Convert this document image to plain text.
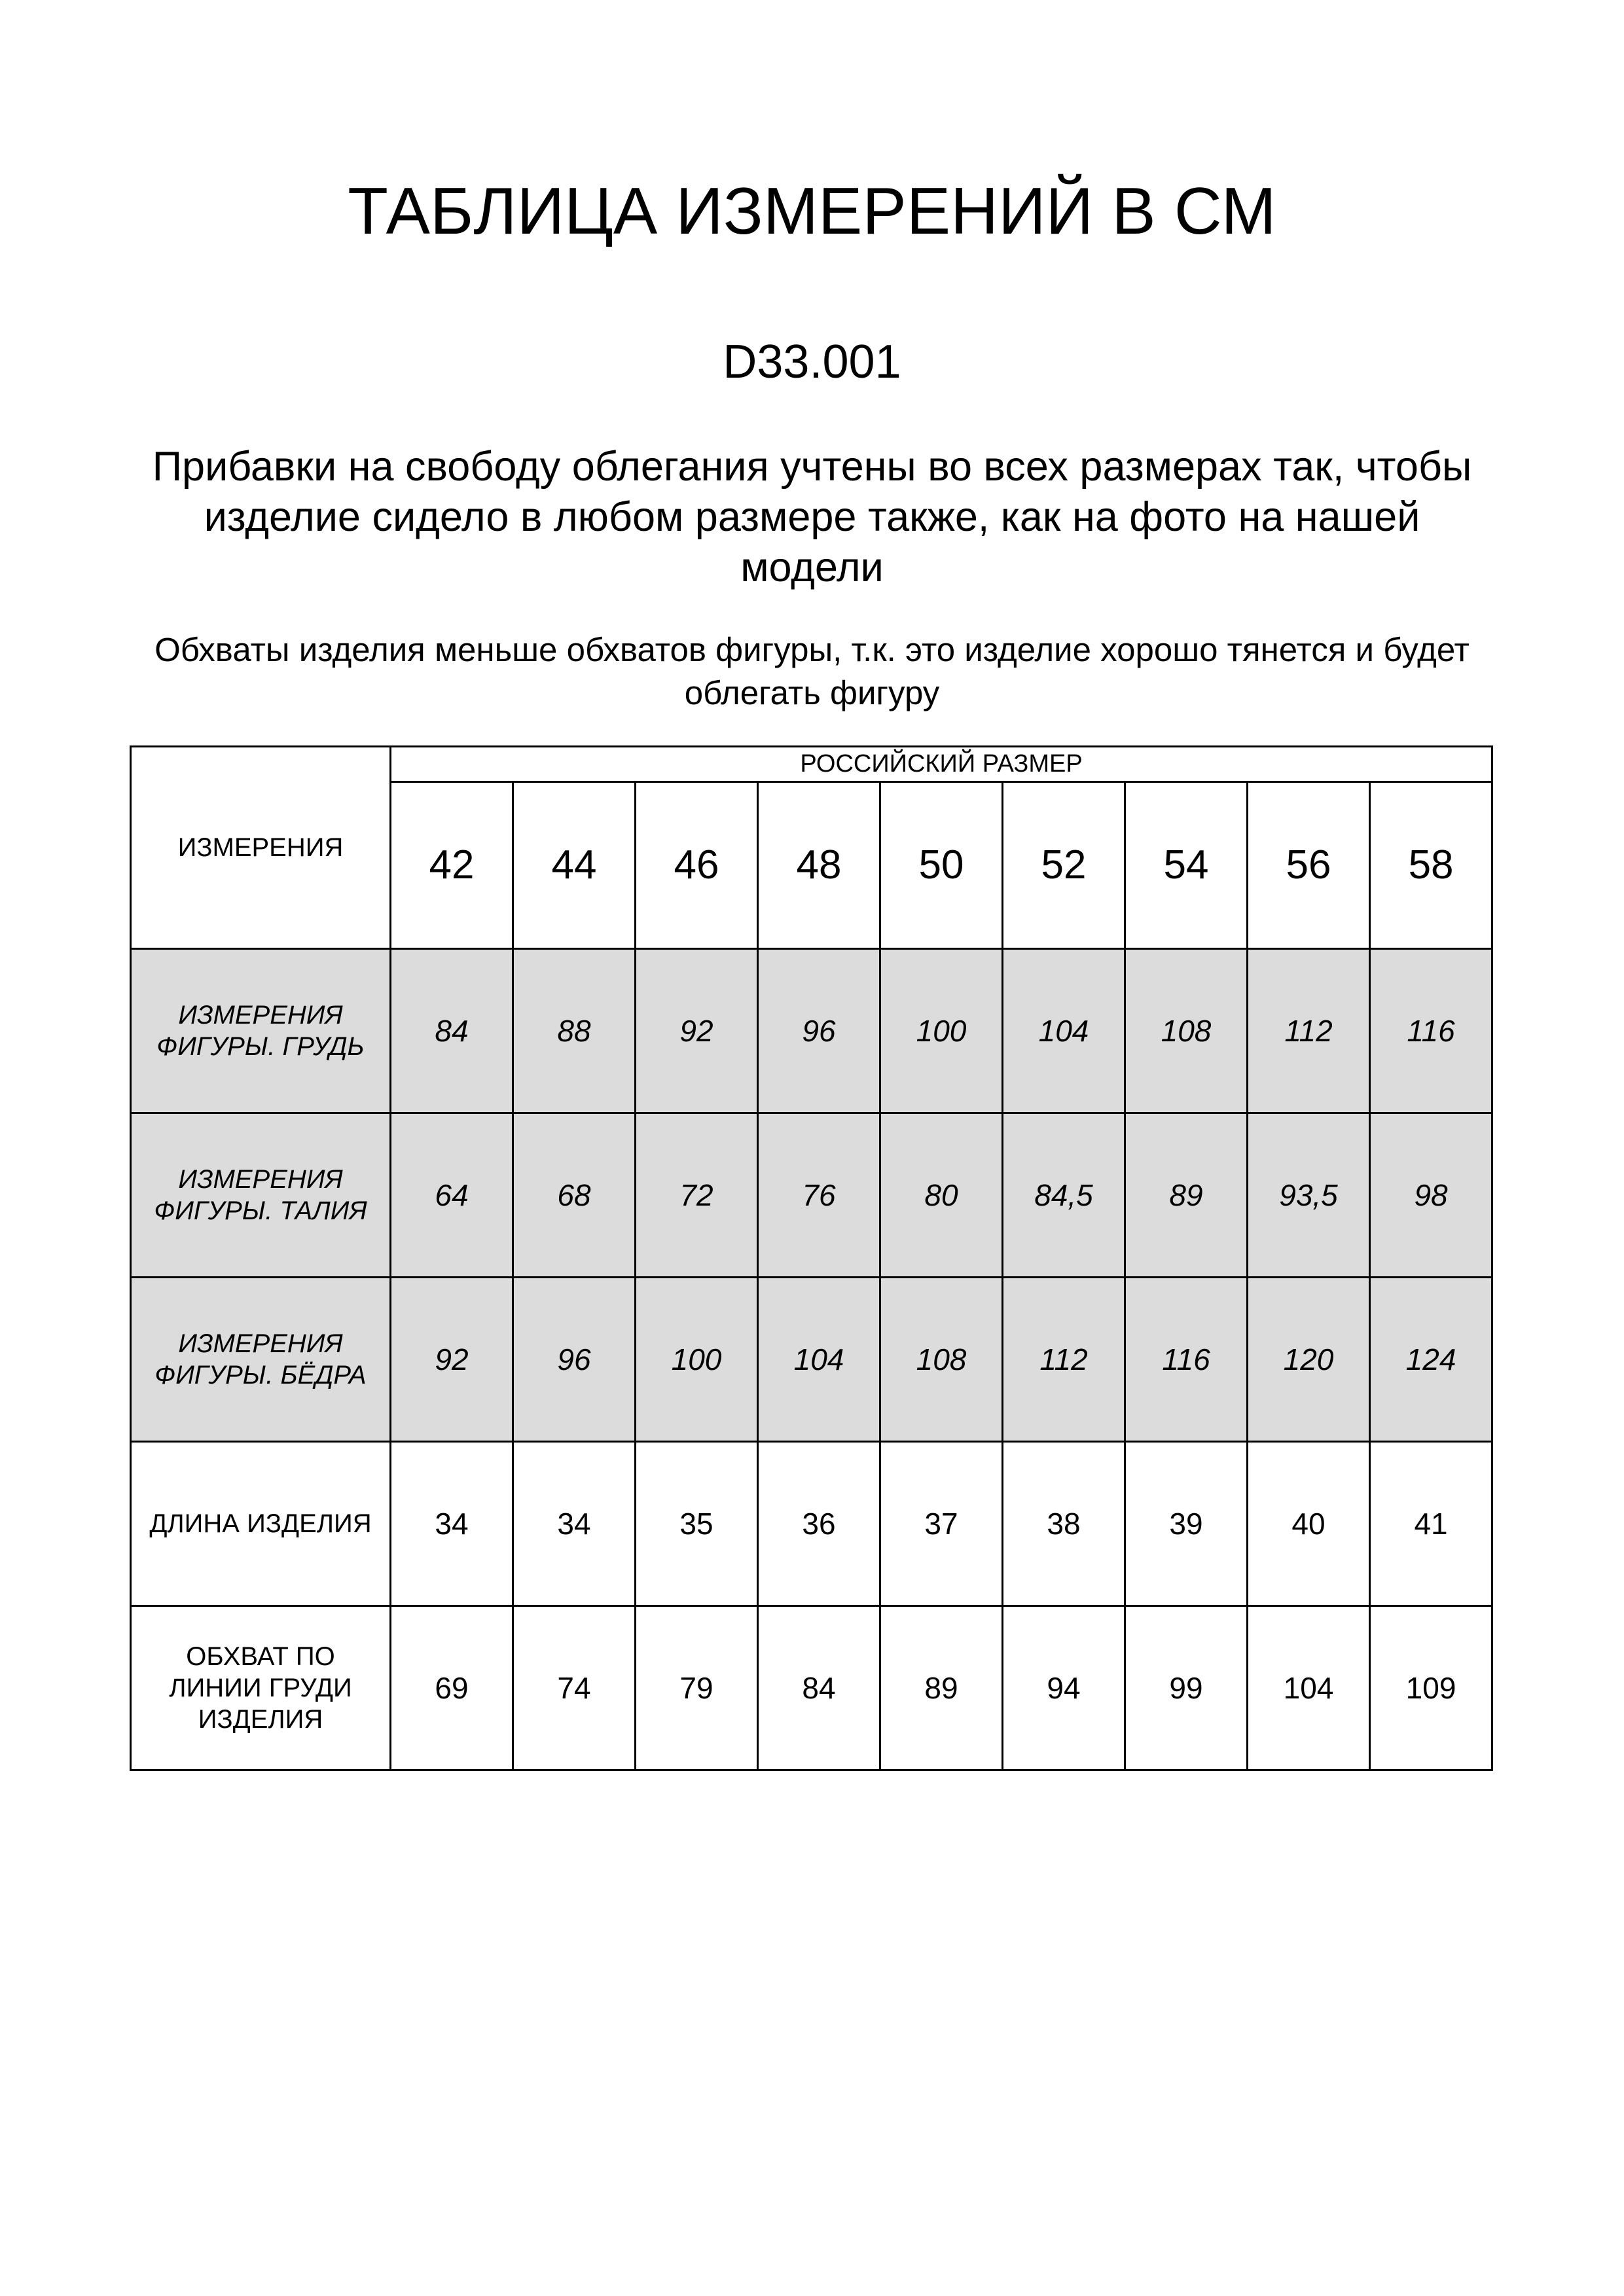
ТАБЛИЦА ИЗМЕРЕНИЙ В СМ
D33.001

Прибавки на свободу облегания учтены во всех размерах так, чтобы изделие сидело в любом размере также, как на фото на нашей модели

Обхваты изделия меньше обхватов фигуры, т.к. это изделие хорошо тянется и будет облегать фигуру

ИЗМЕРЕНИЯ	РОССИЙСКИЙ РАЗМЕР								
	42	44	46	48	50	52	54	56	58

ИЗМЕРЕНИЯ
ФИГУРЫ. ГРУДЬ	84	88	92	96	100	104	108	112	116

ИЗМЕРЕНИЯ
ФИГУРЫ. ТАЛИЯ	64	68	72	76	80	84,5	89	93,5	98

ИЗМЕРЕНИЯ
ФИГУРЫ. БЁДРА	92	96	100	104	108	112	116	120	124

ДЛИНА ИЗДЕЛИЯ	34	34	35	36	37	38	39	40	41

ОБХВАТ ПО
ЛИНИИ ГРУДИ
ИЗДЕЛИЯ	69	74	79	84	89	94	99	104	109
